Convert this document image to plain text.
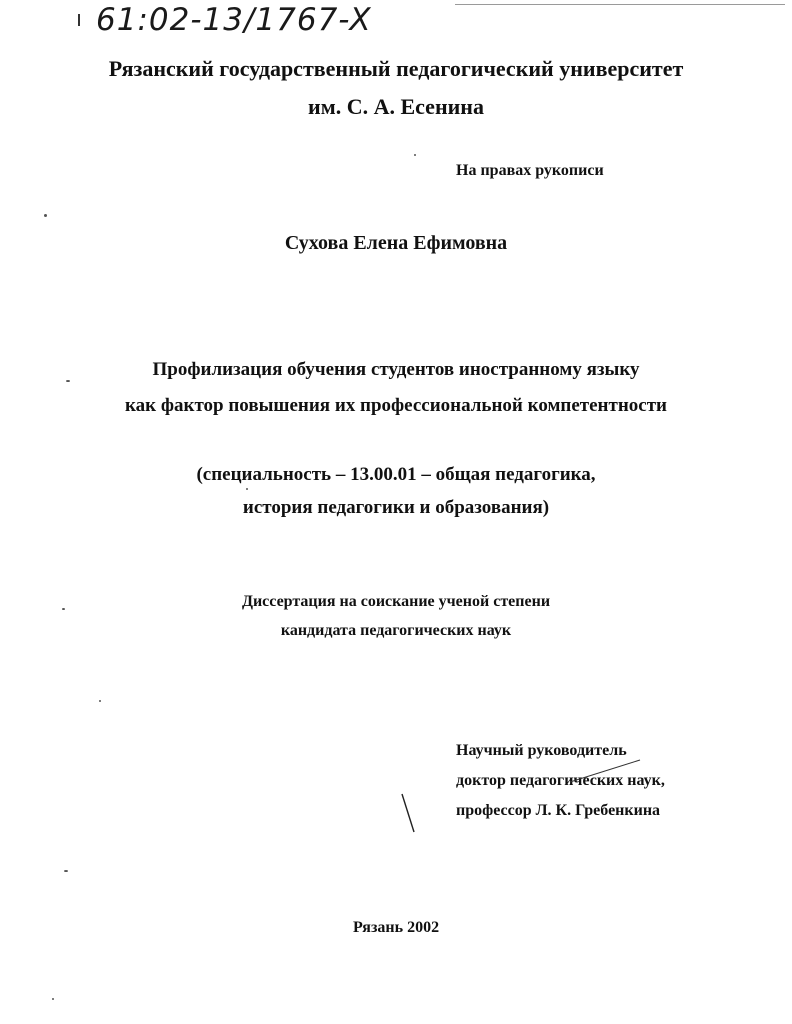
61:02-13/1767-X
Рязанский государственный педагогический университет
им. С. А. Есенина
На правах рукописи
Сухова Елена Ефимовна
Профилизация обучения студентов иностранному языку
как фактор повышения их профессиональной компетентности
(специальность – 13.00.01 – общая педагогика,
история педагогики и образования)
Диссертация на соискание ученой степени
кандидата педагогических наук
Научный руководитель
доктор педагогических наук,
профессор Л. К. Гребенкина
Рязань 2002
